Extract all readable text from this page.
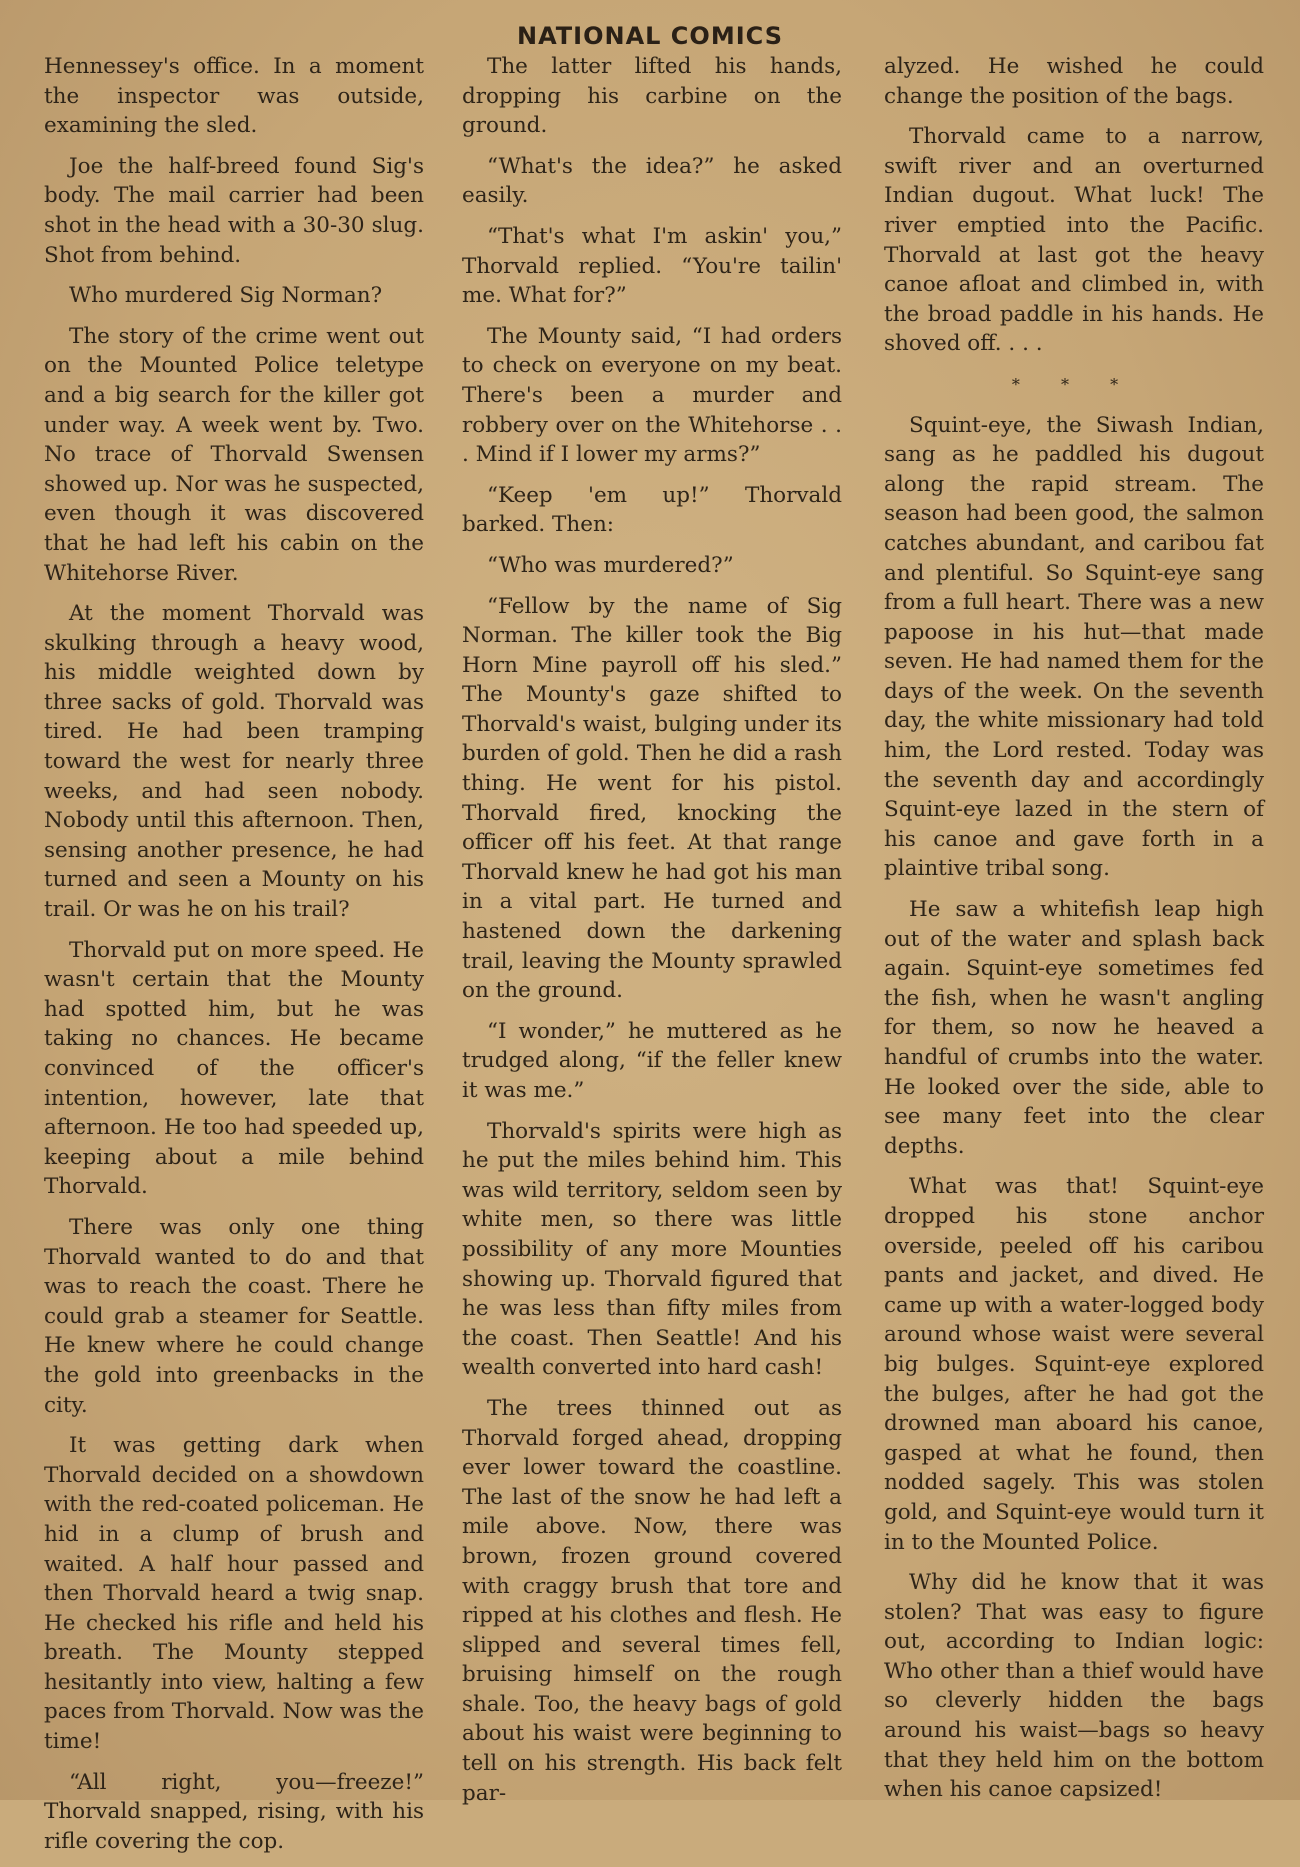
NATIONAL COMICS

Hennessey's office. In a moment the inspector was outside, examining the sled.

Joe the half-breed found Sig's body. The mail carrier had been shot in the head with a 30-30 slug. Shot from behind.

Who murdered Sig Norman?

The story of the crime went out on the Mounted Police teletype and a big search for the killer got under way. A week went by. Two. No trace of Thorvald Swensen showed up. Nor was he suspected, even though it was discovered that he had left his cabin on the Whitehorse River.

At the moment Thorvald was skulking through a heavy wood, his middle weighted down by three sacks of gold. Thorvald was tired. He had been tramping toward the west for nearly three weeks, and had seen nobody. Nobody until this afternoon. Then, sensing another presence, he had turned and seen a Mounty on his trail. Or was he on his trail?

Thorvald put on more speed. He wasn't certain that the Mounty had spotted him, but he was taking no chances. He became convinced of the officer's intention, however, late that afternoon. He too had speeded up, keeping about a mile behind Thorvald.

There was only one thing Thorvald wanted to do and that was to reach the coast. There he could grab a steamer for Seattle. He knew where he could change the gold into greenbacks in the city.

It was getting dark when Thorvald decided on a showdown with the red-coated policeman. He hid in a clump of brush and waited. A half hour passed and then Thorvald heard a twig snap. He checked his rifle and held his breath. The Mounty stepped hesitantly into view, halting a few paces from Thorvald. Now was the time!

“All right, you—freeze!” Thorvald snapped, rising, with his rifle covering the cop.

The latter lifted his hands, dropping his carbine on the ground.

“What's the idea?” he asked easily.

“That's what I'm askin' you,” Thorvald replied. “You're tailin' me. What for?”

The Mounty said, “I had orders to check on everyone on my beat. There's been a murder and robbery over on the Whitehorse . . . Mind if I lower my arms?”

“Keep 'em up!” Thorvald barked. Then:

“Who was murdered?”

“Fellow by the name of Sig Norman. The killer took the Big Horn Mine payroll off his sled.” The Mounty's gaze shifted to Thorvald's waist, bulging under its burden of gold. Then he did a rash thing. He went for his pistol. Thorvald fired, knocking the officer off his feet. At that range Thorvald knew he had got his man in a vital part. He turned and hastened down the darkening trail, leaving the Mounty sprawled on the ground.

“I wonder,” he muttered as he trudged along, “if the feller knew it was me.”

Thorvald's spirits were high as he put the miles behind him. This was wild territory, seldom seen by white men, so there was little possibility of any more Mounties showing up. Thorvald figured that he was less than fifty miles from the coast. Then Seattle! And his wealth converted into hard cash!

The trees thinned out as Thorvald forged ahead, dropping ever lower toward the coastline. The last of the snow he had left a mile above. Now, there was brown, frozen ground covered with craggy brush that tore and ripped at his clothes and flesh. He slipped and several times fell, bruising himself on the rough shale. Too, the heavy bags of gold about his waist were beginning to tell on his strength. His back felt par-

alyzed. He wished he could change the position of the bags.

Thorvald came to a narrow, swift river and an overturned Indian dugout. What luck! The river emptied into the Pacific. Thorvald at last got the heavy canoe afloat and climbed in, with the broad paddle in his hands. He shoved off. . . .

* * *

Squint-eye, the Siwash Indian, sang as he paddled his dugout along the rapid stream. The season had been good, the salmon catches abundant, and caribou fat and plentiful. So Squint-eye sang from a full heart. There was a new papoose in his hut—that made seven. He had named them for the days of the week. On the seventh day, the white missionary had told him, the Lord rested. Today was the seventh day and accordingly Squint-eye lazed in the stern of his canoe and gave forth in a plaintive tribal song.

He saw a whitefish leap high out of the water and splash back again. Squint-eye sometimes fed the fish, when he wasn't angling for them, so now he heaved a handful of crumbs into the water. He looked over the side, able to see many feet into the clear depths.

What was that! Squint-eye dropped his stone anchor overside, peeled off his caribou pants and jacket, and dived. He came up with a water-logged body around whose waist were several big bulges. Squint-eye explored the bulges, after he had got the drowned man aboard his canoe, gasped at what he found, then nodded sagely. This was stolen gold, and Squint-eye would turn it in to the Mounted Police.

Why did he know that it was stolen? That was easy to figure out, according to Indian logic: Who other than a thief would have so cleverly hidden the bags around his waist—bags so heavy that they held him on the bottom when his canoe capsized!
